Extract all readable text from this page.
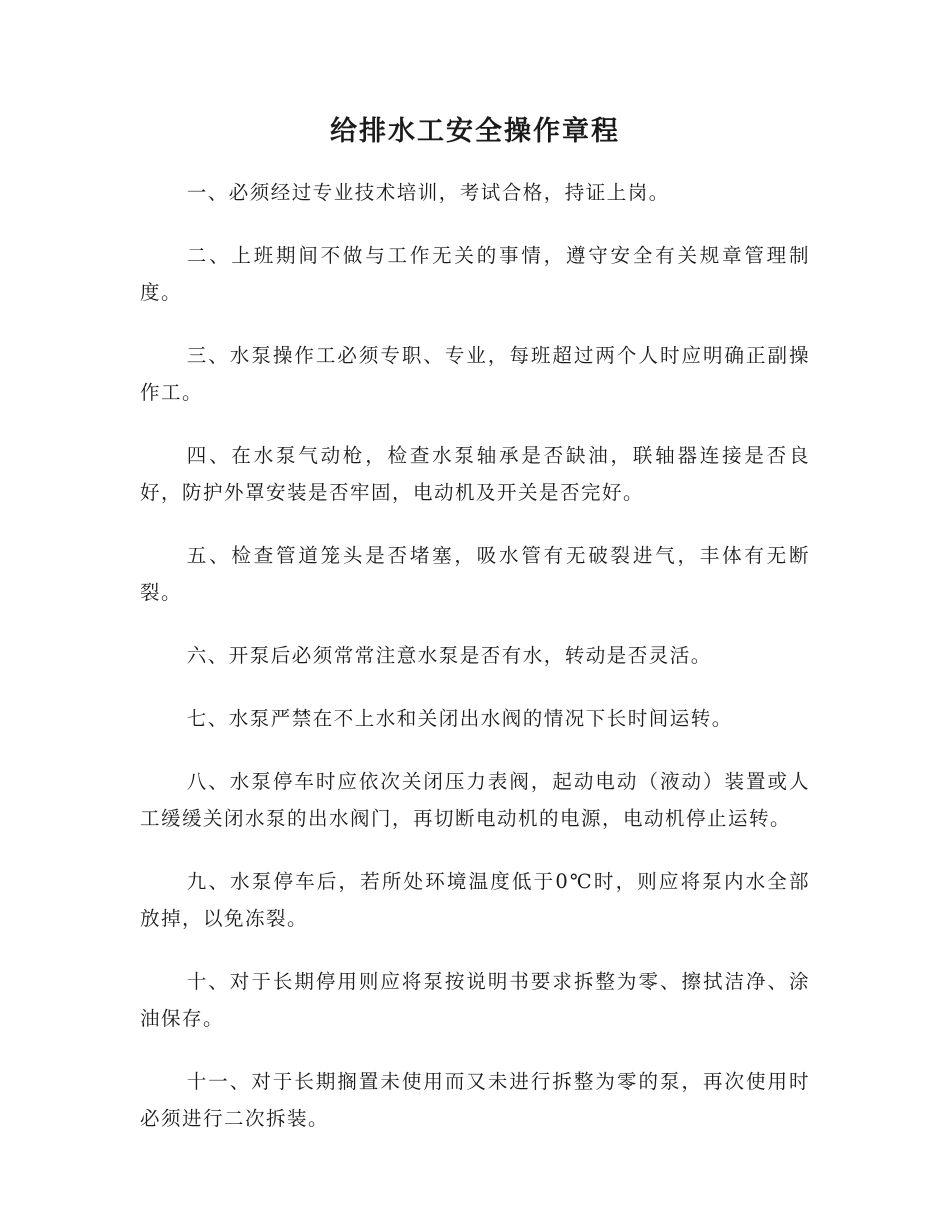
给排水工安全操作章程

一、必须经过专业技术培训，考试合格，持证上岗。

二、上班期间不做与工作无关的事情，遵守安全有关规章管理制度。

三、水泵操作工必须专职、专业，每班超过两个人时应明确正副操作工。

四、在水泵气动枪，检查水泵轴承是否缺油，联轴器连接是否良好，防护外罩安装是否牢固，电动机及开关是否完好。

五、检查管道笼头是否堵塞，吸水管有无破裂进气，丰体有无断裂。

六、开泵后必须常常注意水泵是否有水，转动是否灵活。

七、水泵严禁在不上水和关闭出水阀的情况下长时间运转。

八、水泵停车时应依次关闭压力表阀，起动电动（液动）装置或人工缓缓关闭水泵的出水阀门，再切断电动机的电源，电动机停止运转。

九、水泵停车后，若所处环境温度低于0℃时，则应将泵内水全部放掉，以免冻裂。

十、对于长期停用则应将泵按说明书要求拆整为零、擦拭洁净、涂油保存。

十一、对于长期搁置未使用而又未进行拆整为零的泵，再次使用时必须进行二次拆装。
